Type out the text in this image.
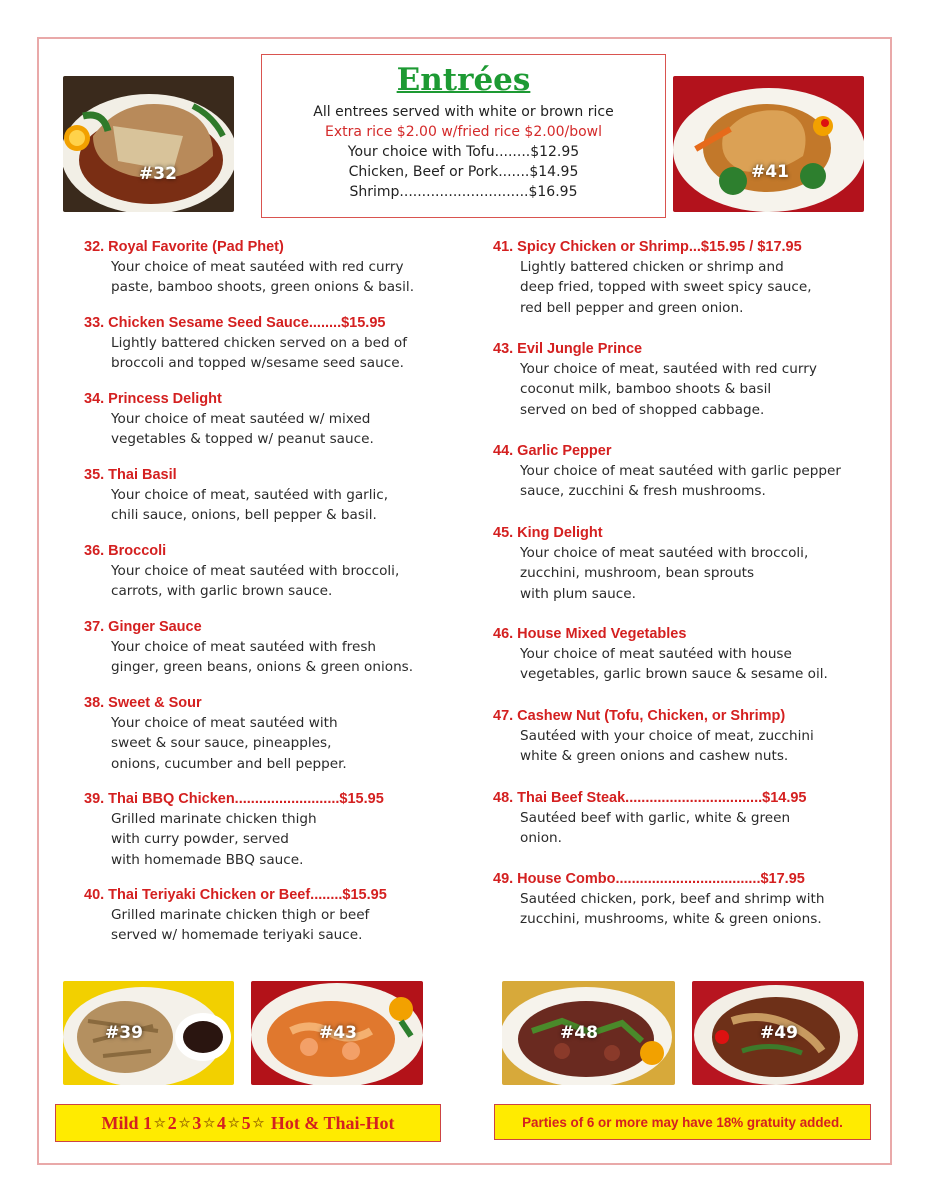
#32	#41
Entrées
All entrees served with white or brown rice
Extra rice $2.00 w/fried rice $2.00/bowl
Your choice with Tofu........$12.95
Chicken, Beef or Pork.......$14.95
Shrimp.............................$16.95
32. Royal Favorite (Pad Phet)
Your choice of meat sautéed with red curry
paste, bamboo shoots, green onions & basil.
33. Chicken Sesame Seed Sauce........$15.95
Lightly battered chicken served on a bed of
broccoli and topped w/sesame seed sauce.
34. Princess Delight
Your choice of meat sautéed w/ mixed
vegetables & topped w/ peanut sauce.
35. Thai Basil
Your choice of meat, sautéed with garlic,
chili sauce, onions, bell pepper & basil.
36. Broccoli
Your choice of meat sautéed with broccoli,
carrots, with garlic brown sauce.
37. Ginger Sauce
Your choice of meat sautéed with fresh
ginger, green beans, onions & green onions.
38. Sweet & Sour
Your choice of meat sautéed with
sweet & sour sauce, pineapples,
onions, cucumber and bell pepper.
39. Thai BBQ Chicken..........................$15.95
Grilled marinate chicken thigh
with curry powder, served
with homemade BBQ sauce.
40. Thai Teriyaki Chicken or Beef........$15.95
Grilled marinate chicken thigh or beef
served w/ homemade teriyaki sauce.
41. Spicy Chicken or Shrimp...$15.95 / $17.95
Lightly battered chicken or shrimp and
deep fried, topped with sweet spicy sauce,
red bell pepper and green onion.
43. Evil Jungle Prince
Your choice of meat, sautéed with red curry
coconut milk, bamboo shoots & basil
served on bed of shopped cabbage.
44. Garlic Pepper
Your choice of meat sautéed with garlic pepper
sauce, zucchini & fresh mushrooms.
45. King Delight
Your choice of meat sautéed with broccoli,
zucchini, mushroom, bean sprouts
with plum sauce.
46. House Mixed Vegetables
Your choice of meat sautéed with house
vegetables, garlic brown sauce & sesame oil.
47. Cashew Nut (Tofu, Chicken, or Shrimp)
Sautéed with your choice of meat, zucchini
white & green onions and cashew nuts.
48. Thai Beef Steak..................................$14.95
Sautéed beef with garlic, white & green
onion.
49. House Combo....................................$17.95
Sautéed chicken, pork, beef and shrimp with
zucchini, mushrooms, white & green onions.
#39	#43	#48	#49
Mild
1 ☆ 2 ☆ 3 ☆ 4 ☆ 5 ☆
Hot & Thai-Hot	Parties of 6 or more may have 18% gratuity added.
